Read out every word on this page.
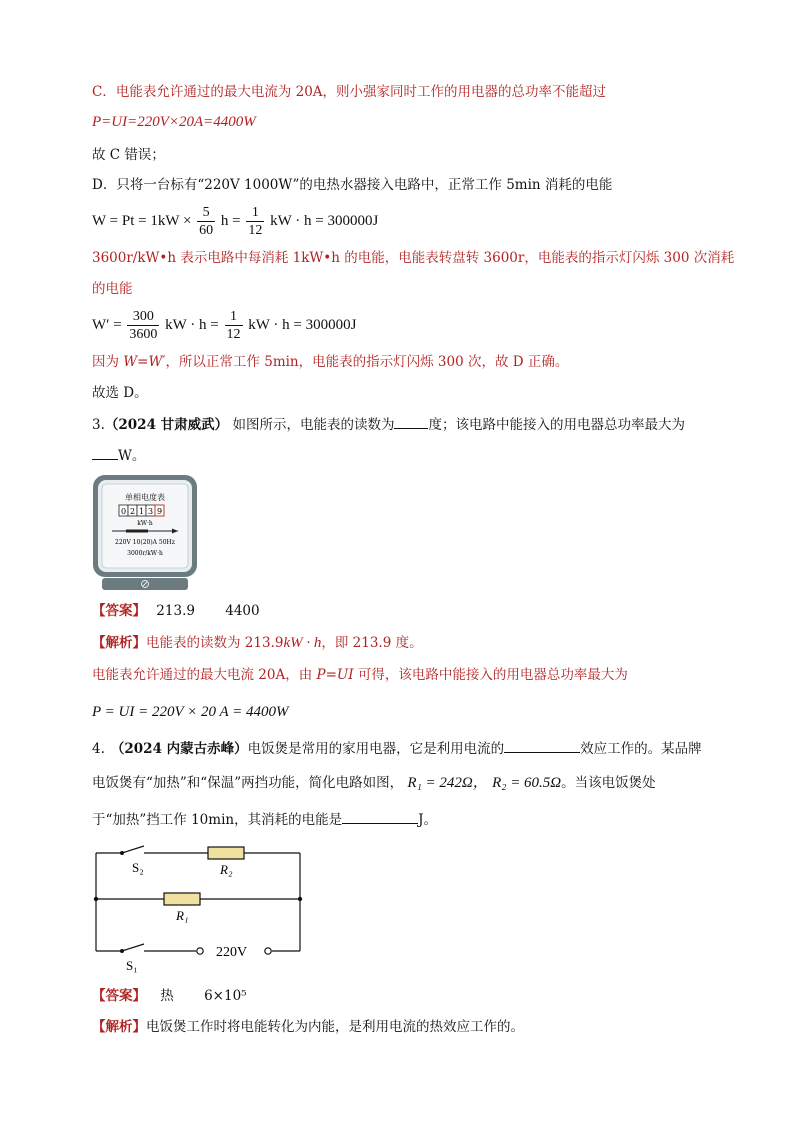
C．电能表允许通过的最大电流为 20A，则小强家同时工作的用电器的总功率不能超过
P=UI=220V×20A=4400W
故 C 错误；
D．只将一台标有“220V 1000W”的电热水器接入电路中，正常工作 5min 消耗的电能
$W = Pt = 1kW \times \frac{5}{60}$ $h = \frac{1}{12}$ kW · h = 300000J
3600r/kW•h 表示电路中每消耗 1kW•h 的电能，电能表转盘转 3600r，电能表的指示灯闪烁 300 次消耗
的电能
$W' = \frac{300}{3600}$ kW · $h = \frac{1}{12}$ kW · h = 300000J
因为 W=W′，所以正常工作 5min，电能表的指示灯闪烁 300 次，故 D 正确。
故选 D。
3.（2024 甘肃威武） 如图所示，电能表的读数为	度；该电路中能接入的用电器总功率最大为
W。
单相电度表
0 2 1 3 9
kW·h
220V 10(20)A 50Hz
3000r/kW·h
【答案】 213.9 4400
【解析】电能表的读数为 213.9kW · h，即 213.9 度。
电能表允许通过的最大电流 20A，由 P=UI 可得，该电路中能接入的用电器总功率最大为
P = UI = 220V × 20 A = 4400W
4. （2024 内蒙古赤峰）电饭煲是常用的家用电器，它是利用电流的	效应工作的。某品牌
电饭煲有“加热”和“保温”两挡功能，简化电路如图， R₁ = 242Ω， R₂ = 60.5Ω。当该电饭煲处
于“加热”挡工作 10min，其消耗的电能是	J。
S₂	R₂
R₁
S₁
220V
【答案】 热 6×10⁵
【解析】电饭煲工作时将电能转化为内能，是利用电流的热效应工作的。
